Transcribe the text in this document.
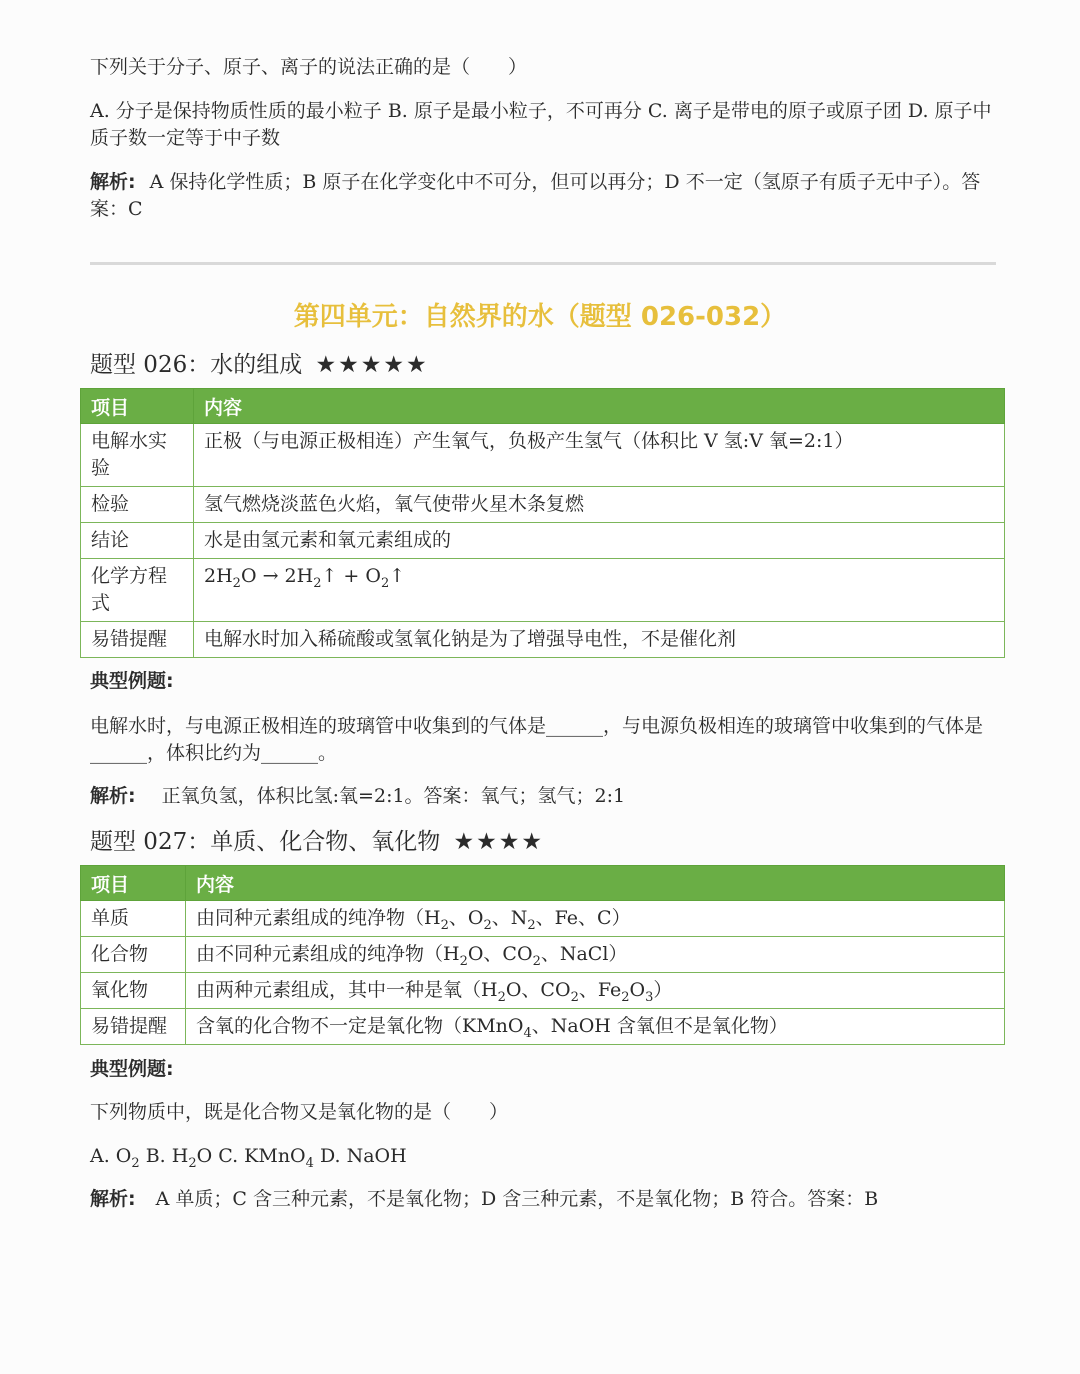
下列关于分子、原子、离子的说法正确的是（　　）

A. 分子是保持物质性质的最小粒子 B. 原子是最小粒子，不可再分 C. 离子是带电的原子或原子团 D. 原子中质子数一定等于中子数

解析: A 保持化学性质；B 原子在化学变化中不可分，但可以再分；D 不一定（氢原子有质子无中子）。答案：C

第四单元：自然界的水（题型 026-032）
题型 026：水的组成 ★★★★★
项目	内容
电解水实验	正极（与电源正极相连）产生氧气，负极产生氢气（体积比 V 氢:V 氧=2:1）
检验	氢气燃烧淡蓝色火焰，氧气使带火星木条复燃
结论	水是由氢元素和氧元素组成的
化学方程式	$2H_2O$ → $2H_2↑$ + $O_2↑$
易错提醒	电解水时加入稀硫酸或氢氧化钠是为了增强导电性，不是催化剂

典型例题:

电解水时，与电源正极相连的玻璃管中收集到的气体是______，与电源负极相连的玻璃管中收集到的气体是______，体积比约为______。

解析: 正氧负氢，体积比氢:氧=2:1。答案：氧气；氢气；2:1

题型 027：单质、化合物、氧化物 ★★★★
项目	内容
单质	由同种元素组成的纯净物（$H_2$、$O_2$、$N_2$、Fe、C）
化合物	由不同种元素组成的纯净物（$H_2O$、$CO_2$、NaCl）
氧化物	由两种元素组成，其中一种是氧（$H_2O$、$CO_2$、$Fe_2O_3$）
易错提醒	含氧的化合物不一定是氧化物（KMnO$_4$、NaOH 含氧但不是氧化物）

典型例题:

下列物质中，既是化合物又是氧化物的是（　　）

A. $O_2$ B. $H_2O$ C. KMnO$_4$ D. NaOH

解析: A 单质；C 含三种元素，不是氧化物；D 含三种元素，不是氧化物；B 符合。答案：B
